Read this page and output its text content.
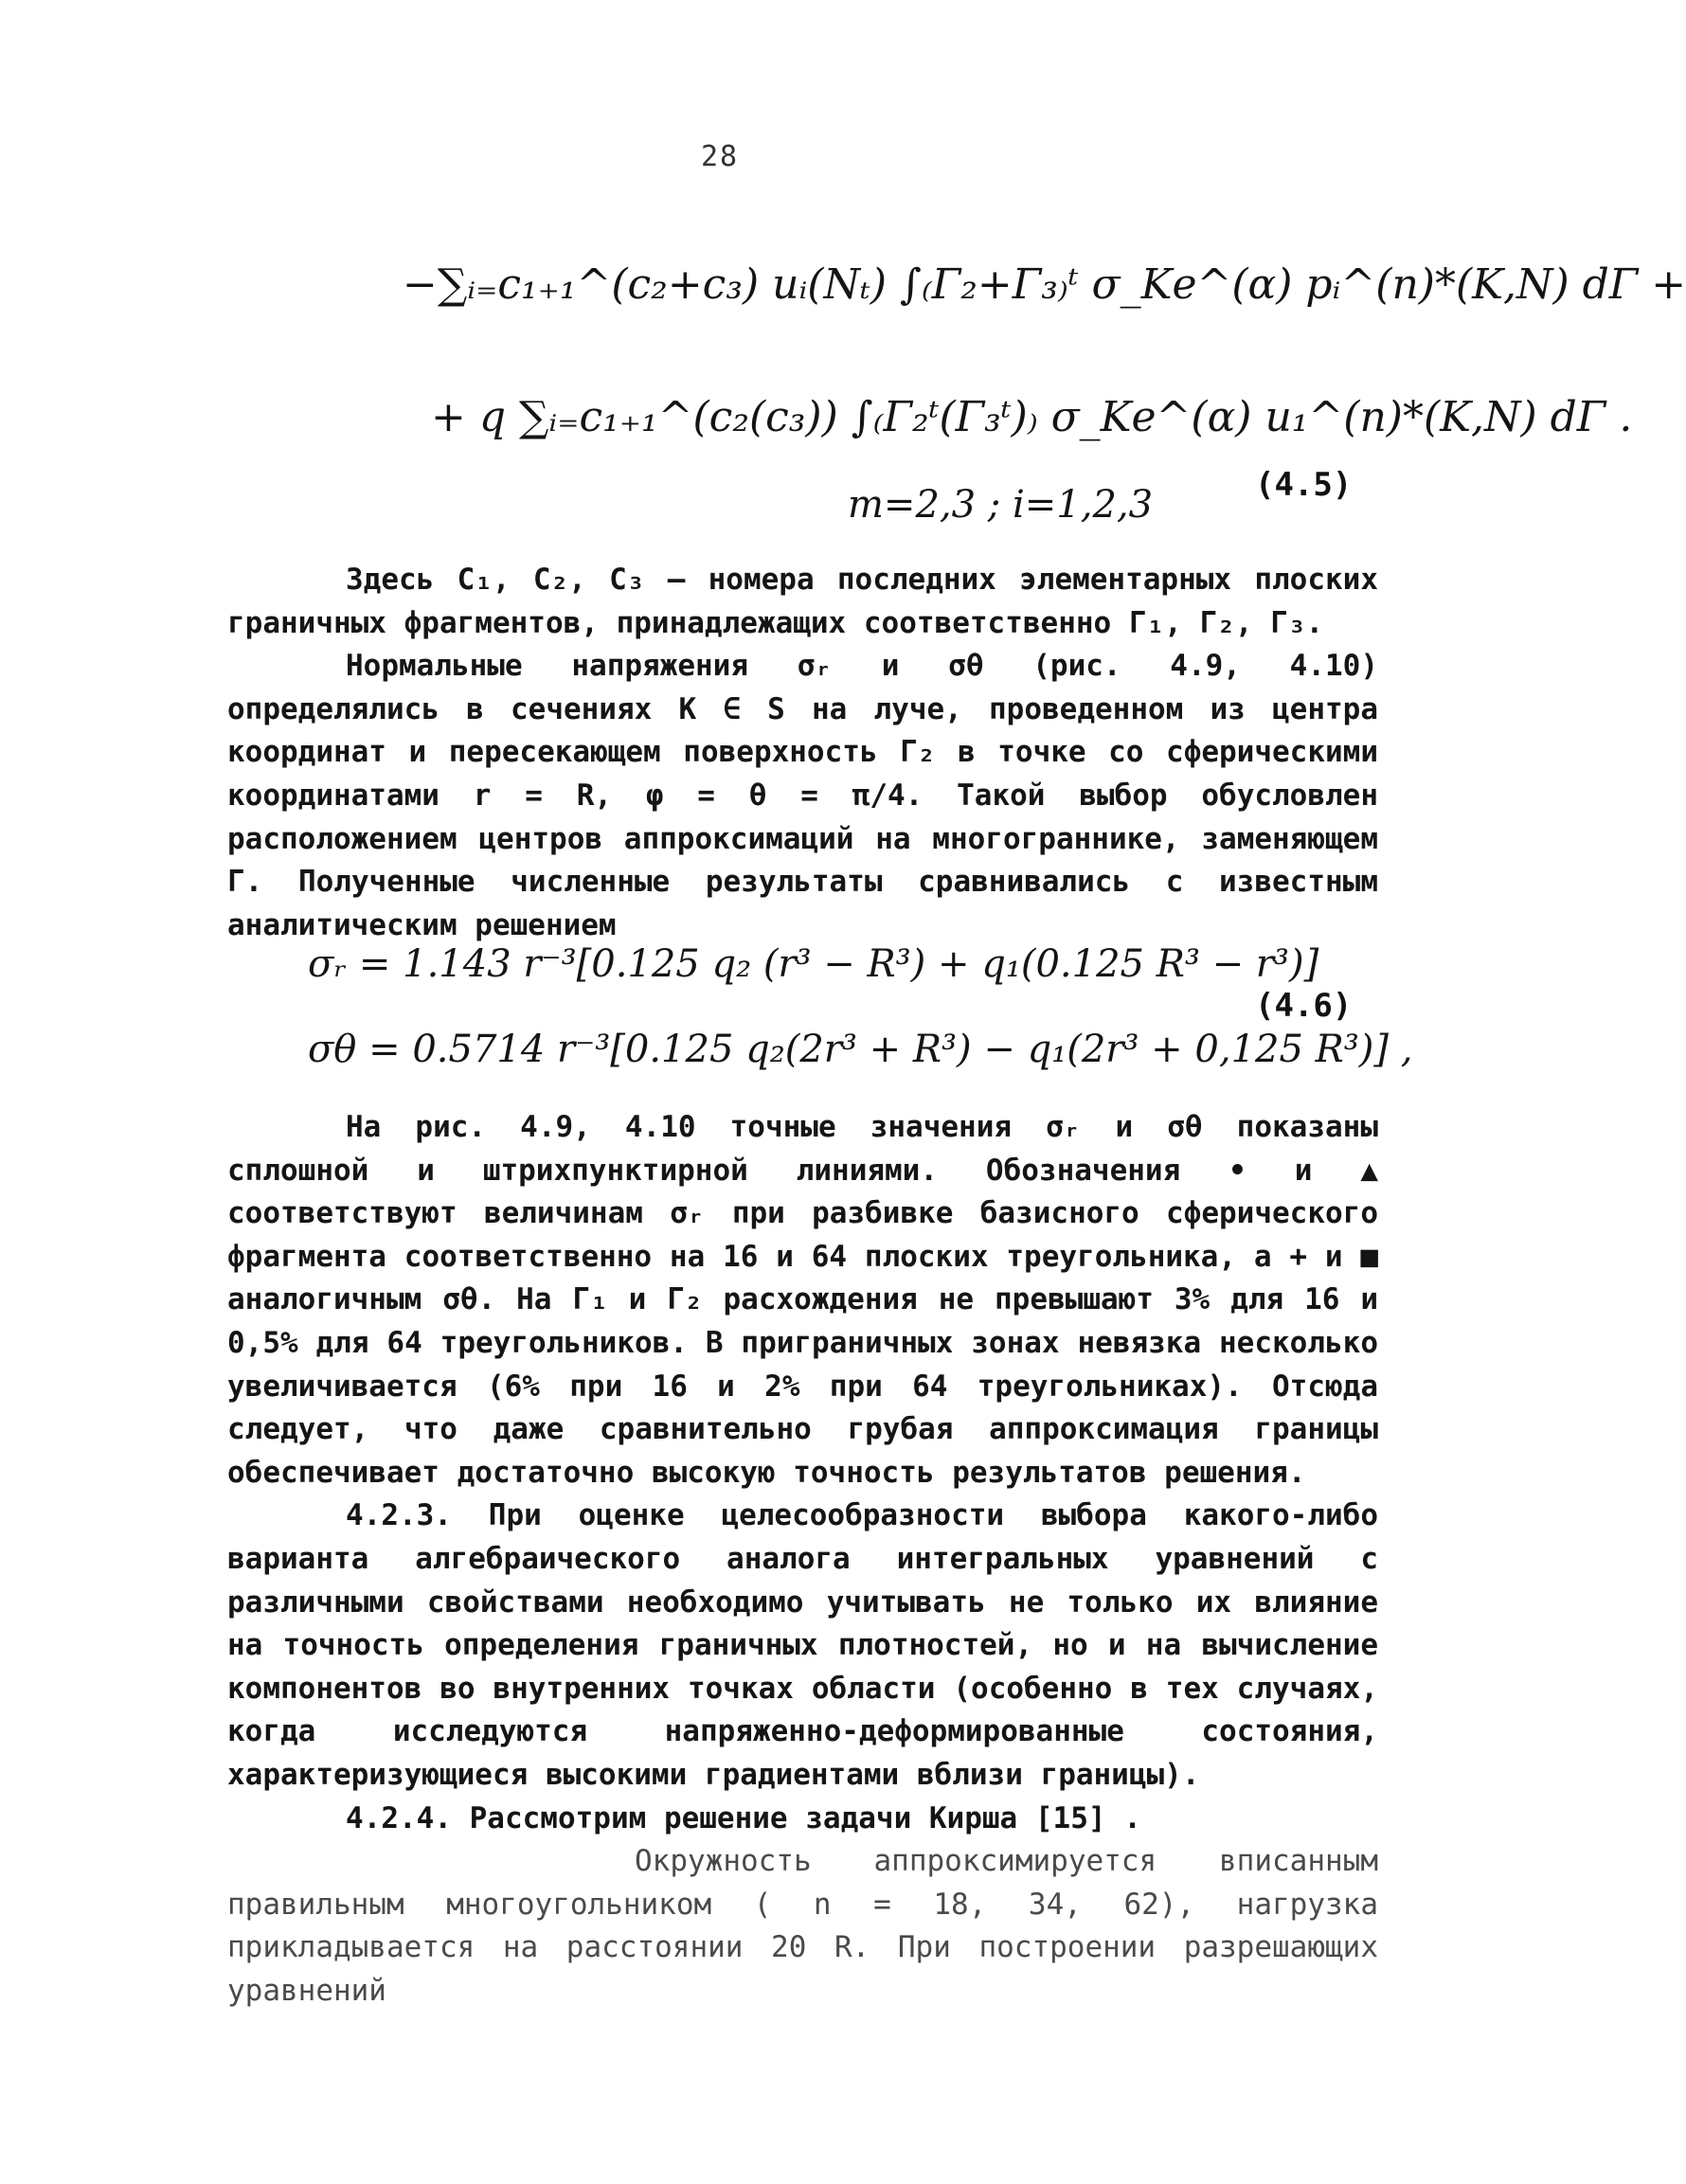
28
−∑ᵢ₌c₁₊₁^(c₂+c₃) uᵢ(Nₜ) ∫₍Γ₂+Γ₃₎ᵗ σ_Kе^(α) pᵢ^(n)*(K,N) dΓ +
+ q ∑ᵢ₌c₁₊₁^(c₂(c₃)) ∫₍Γ₂ᵗ(Γ₃ᵗ)₎ σ_Kе^(α) u₁^(n)*(K,N) dΓ .
m=2,3 ; i=1,2,3	(4.5)

Здесь C₁, C₂, C₃ – номера последних элементарных плоских граничных фрагментов, принадлежащих соответственно Γ₁, Γ₂, Γ₃.

Нормальные напряжения σᵣ и σθ (рис. 4.9, 4.10) определялись в сечениях K ∈ S на луче, проведенном из центра координат и пересекающем поверхность Γ₂ в точке со сферическими координатами r = R, φ = θ = π/4. Такой выбор обусловлен расположением центров аппроксимаций на многограннике, заменяющем Γ. Полученные численные результаты сравнивались с известным аналитическим решением

σᵣ = 1.143 r⁻³[0.125 q₂ (r³ − R³) + q₁(0.125 R³ − r³)]
σθ = 0.5714 r⁻³[0.125 q₂(2r³ + R³) − q₁(2r³ + 0,125 R³)] ,
(4.6)

На рис. 4.9, 4.10 точные значения σᵣ и σθ показаны сплошной и штрихпунктирной линиями. Обозначения • и ▲ соответствуют величинам σᵣ при разбивке базисного сферического фрагмента соответственно на 16 и 64 плоских треугольника, а + и ■ аналогичным σθ. На Γ₁ и Γ₂ расхождения не превышают 3% для 16 и 0,5% для 64 треугольников. В приграничных зонах невязка несколько увеличивается (6% при 16 и 2% при 64 треугольниках). Отсюда следует, что даже сравнительно грубая аппроксимация границы обеспечивает достаточно высокую точность результатов решения.

4.2.3. При оценке целесообразности выбора какого-либо варианта алгебраического аналога интегральных уравнений с различными свойствами необходимо учитывать не только их влияние на точность определения граничных плотностей, но и на вычисление компонентов во внутренних точках области (особенно в тех случаях, когда исследуются напряженно-деформированные состояния, характеризующиеся высокими градиентами вблизи границы).

4.2.4. Рассмотрим решение задачи Кирша [15] .

Окружность аппроксимируется вписанным правильным многоугольником ( n = 18, 34, 62), нагрузка прикладывается на расстоянии 20 R. При построении разрешающих уравнений
